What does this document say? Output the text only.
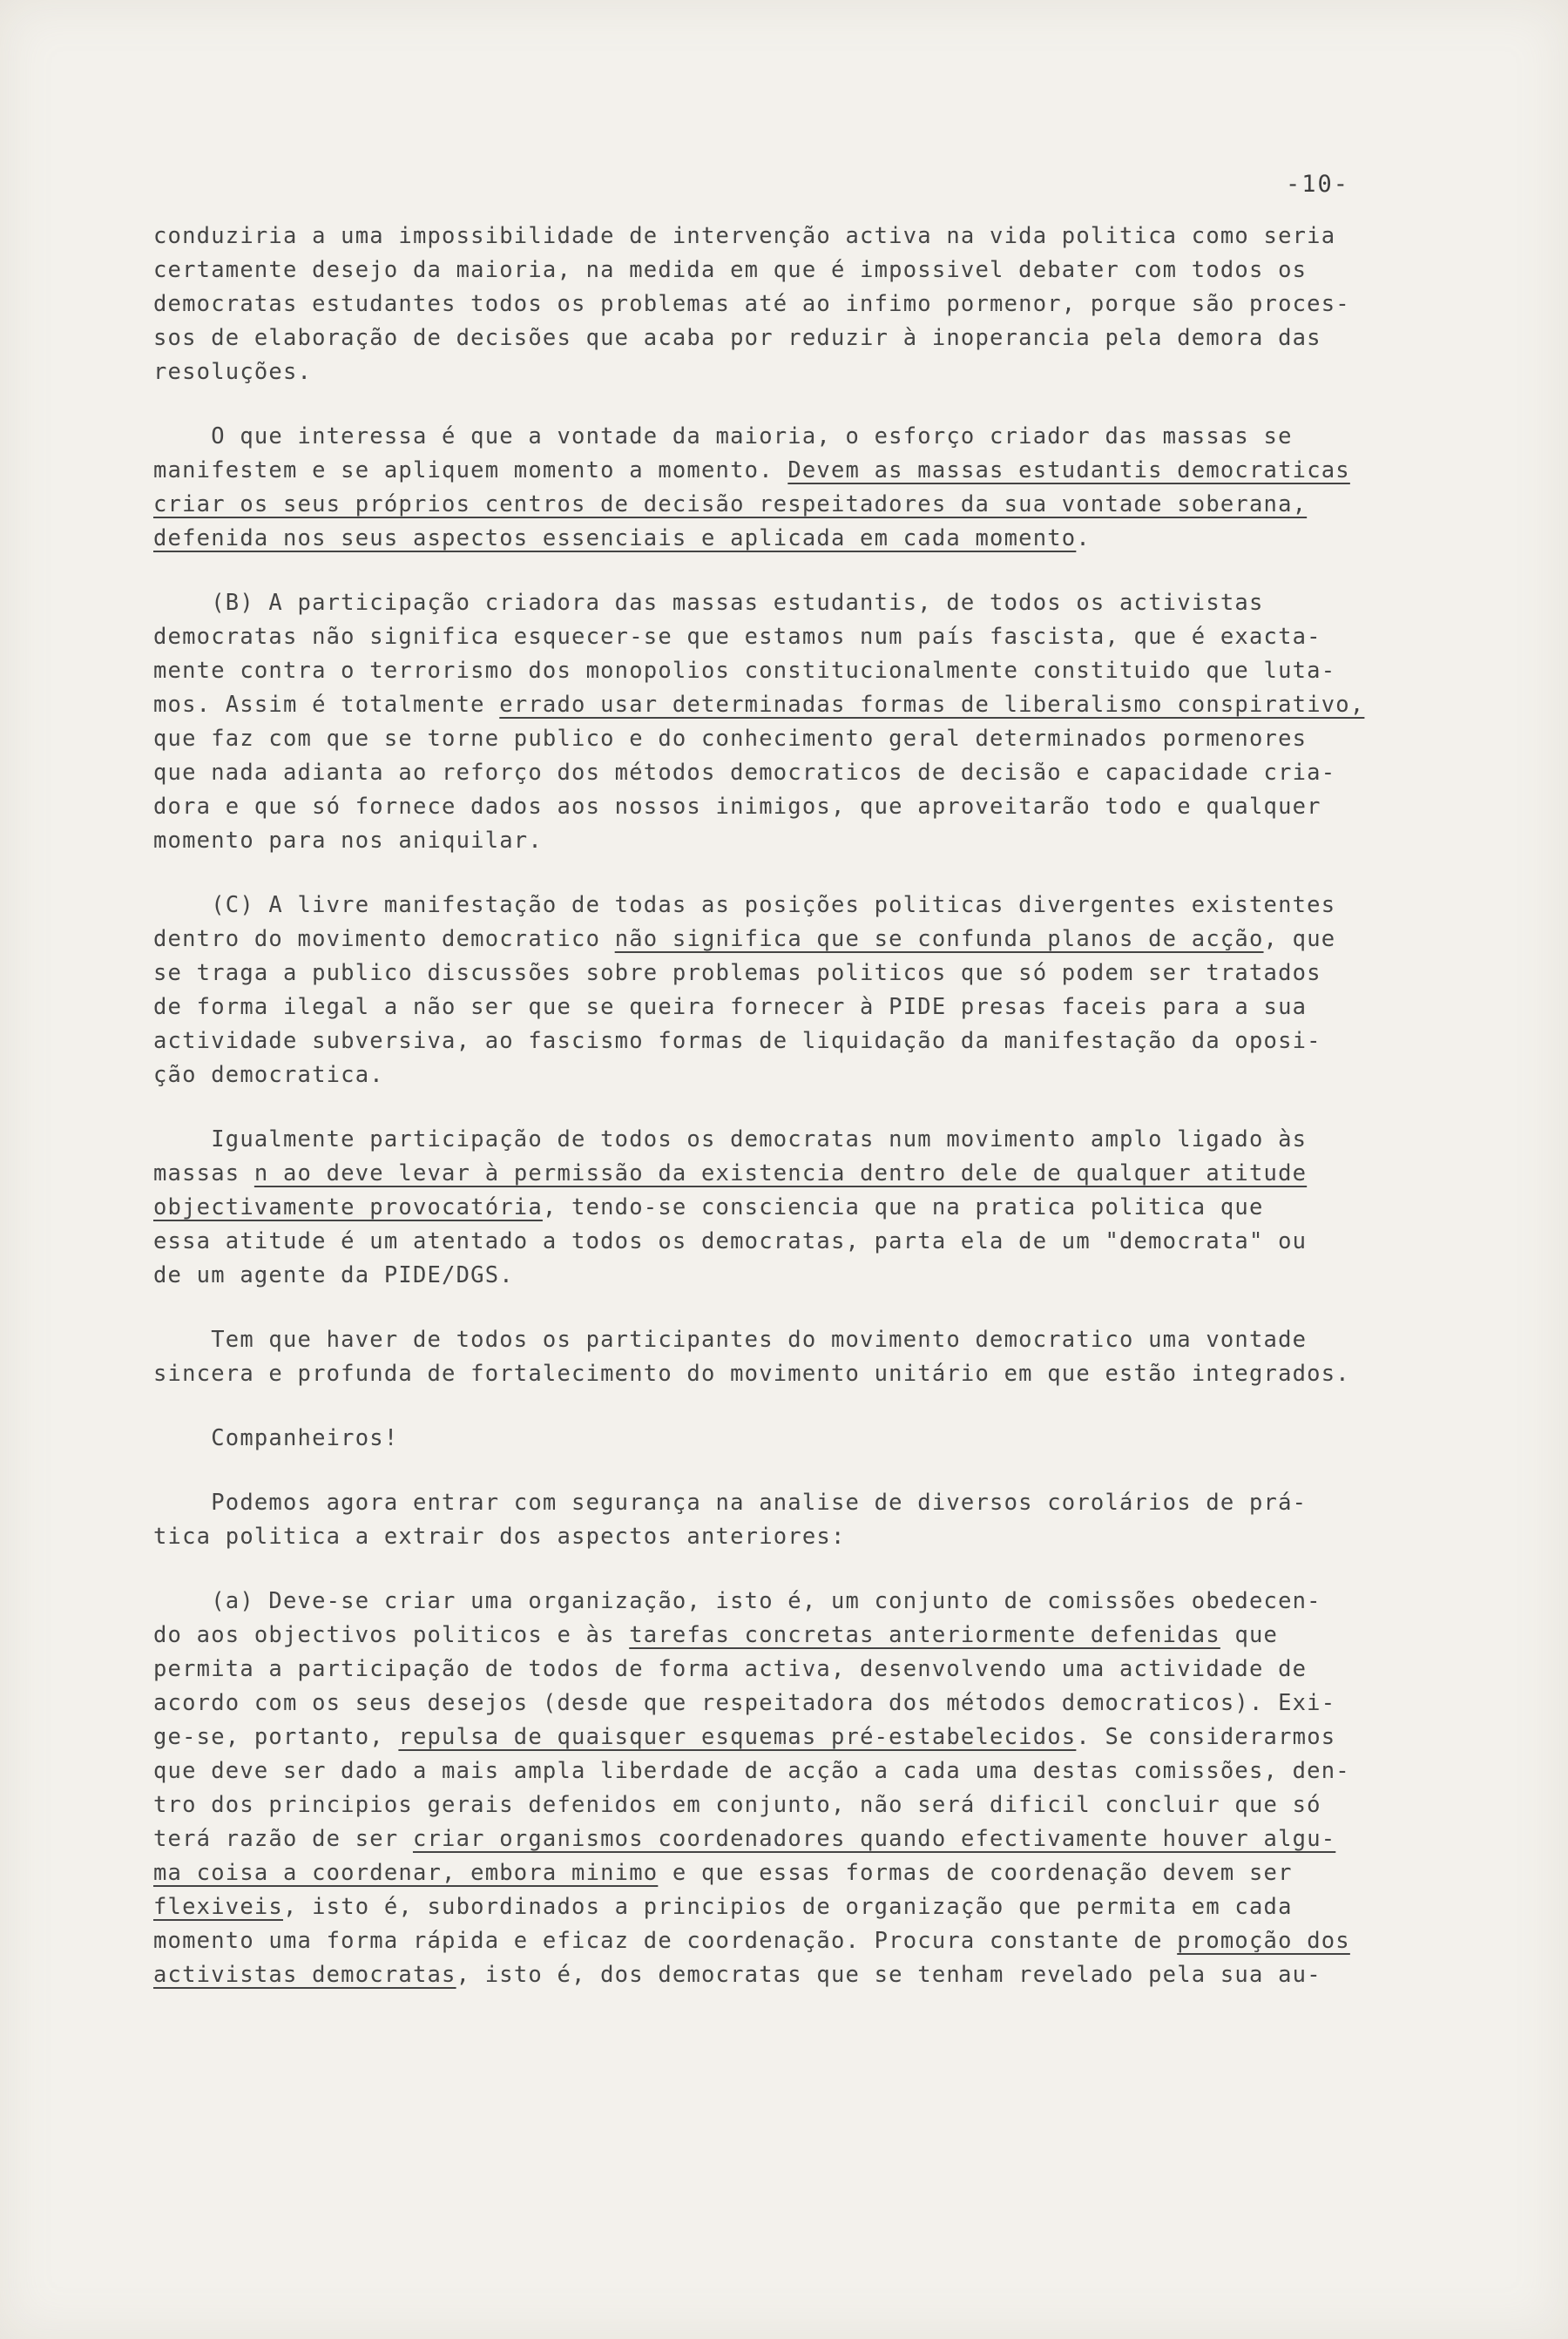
-10-
conduziria a uma impossibilidade de intervenção activa na vida politica como seria
certamente desejo da maioria, na medida em que é impossivel debater com todos os
democratas estudantes todos os problemas até ao infimo pormenor, porque são proces-
sos de elaboração de decisões que acaba por reduzir à inoperancia pela demora das
resoluções.
O que interessa é que a vontade da maioria, o esforço criador das massas se
manifestem e se apliquem momento a momento. Devem as massas estudantis democraticas
criar os seus próprios centros de decisão respeitadores da sua vontade soberana,
defenida nos seus aspectos essenciais e aplicada em cada momento.
(B) A participação criadora das massas estudantis, de todos os activistas
democratas não significa esquecer-se que estamos num país fascista, que é exacta-
mente contra o terrorismo dos monopolios constitucionalmente constituido que luta-
mos. Assim é totalmente errado usar determinadas formas de liberalismo conspirativo,
que faz com que se torne publico e do conhecimento geral determinados pormenores
que nada adianta ao reforço dos métodos democraticos de decisão e capacidade cria-
dora e que só fornece dados aos nossos inimigos, que aproveitarão todo e qualquer
momento para nos aniquilar.
(C) A livre manifestação de todas as posições politicas divergentes existentes
dentro do movimento democratico não significa que se confunda planos de acção, que
se traga a publico discussões sobre problemas politicos que só podem ser tratados
de forma ilegal a não ser que se queira fornecer à PIDE presas faceis para a sua
actividade subversiva, ao fascismo formas de liquidação da manifestação da oposi-
ção democratica.
Igualmente participação de todos os democratas num movimento amplo ligado às
massas n ao deve levar à permissão da existencia dentro dele de qualquer atitude
objectivamente provocatória, tendo-se consciencia que na pratica politica que
essa atitude é um atentado a todos os democratas, parta ela de um "democrata" ou
de um agente da PIDE/DGS.
Tem que haver de todos os participantes do movimento democratico uma vontade
sincera e profunda de fortalecimento do movimento unitário em que estão integrados.
Companheiros!
Podemos agora entrar com segurança na analise de diversos corolários de prá-
tica politica a extrair dos aspectos anteriores:
(a) Deve-se criar uma organização, isto é, um conjunto de comissões obedecen-
do aos objectivos politicos e às tarefas concretas anteriormente defenidas que
permita a participação de todos de forma activa, desenvolvendo uma actividade de
acordo com os seus desejos (desde que respeitadora dos métodos democraticos). Exi-
ge-se, portanto, repulsa de quaisquer esquemas pré-estabelecidos. Se considerarmos
que deve ser dado a mais ampla liberdade de acção a cada uma destas comissões, den-
tro dos principios gerais defenidos em conjunto, não será dificil concluir que só
terá razão de ser criar organismos coordenadores quando efectivamente houver algu-
ma coisa a coordenar, embora minimo e que essas formas de coordenação devem ser
flexiveis, isto é, subordinados a principios de organização que permita em cada
momento uma forma rápida e eficaz de coordenação. Procura constante de promoção dos
activistas democratas, isto é, dos democratas que se tenham revelado pela sua au-
